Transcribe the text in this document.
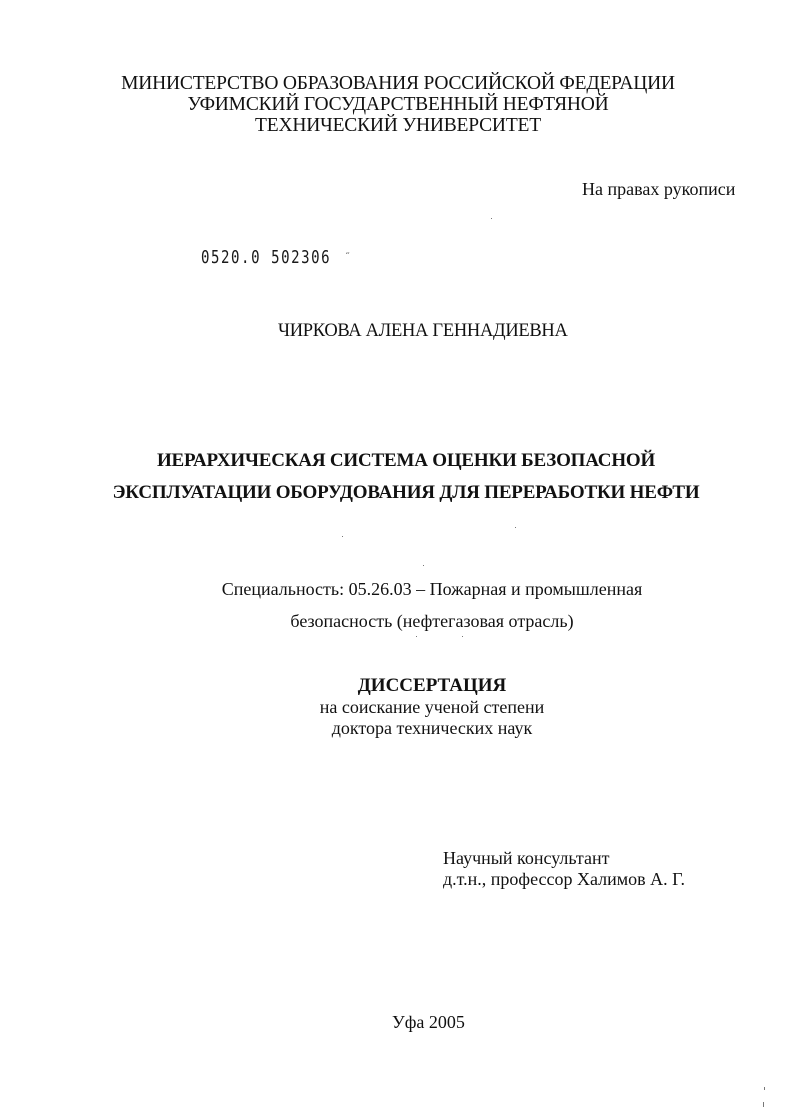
МИНИСТЕРСТВО ОБРАЗОВАНИЯ РОССИЙСКОЙ ФЕДЕРАЦИИ
УФИМСКИЙ ГОСУДАРСТВЕННЫЙ НЕФТЯНОЙ
ТЕХНИЧЕСКИЙ УНИВЕРСИТЕТ
На правах рукописи
0520.0 502306 ˝
ЧИРКОВА АЛЕНА ГЕННАДИЕВНА
ИЕРАРХИЧЕСКАЯ СИСТЕМА ОЦЕНКИ БЕЗОПАСНОЙ
ЭКСПЛУАТАЦИИ ОБОРУДОВАНИЯ ДЛЯ ПЕРЕРАБОТКИ НЕФТИ
Специальность: 05.26.03 – Пожарная и промышленная
безопасность (нефтегазовая отрасль)
ДИССЕРТАЦИЯ
на соискание ученой степени
доктора технических наук
Научный консультант
д.т.н., профессор Халимов А. Г.
Уфа 2005
